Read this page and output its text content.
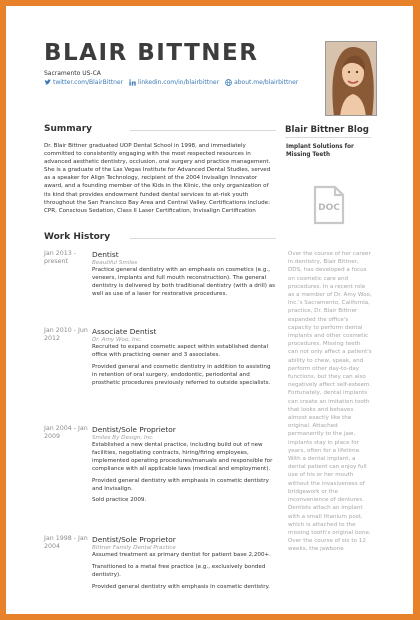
BLAIR BITTNER
Sacramento US-CA
twitter.com/BlairBittner	linkedin.com/in/blairbittner	about.me/blairbittner
Summary
Dr. Blair Bittner graduated UOP Dental School in 1998, and immediately committed to consistently engaging with the most respected resources in advanced aesthetic dentistry, occlusion, oral surgery and practice management. She is a graduate of the Las Vegas Institute for Advanced Dental Studies, served as a speaker for Align Technology, recipient of the 2004 Invisalign Innovator award, and a founding member of the Kids in the Klinic, the only organization of its kind that provides endowment funded dental services to at-risk youth throughout the San Francisco Bay Area and Central Valley. Certifications include: CPR, Conscious Sedation, Class II Laser Certification, Invisalign Certification
Work History
Jan 2013 - present
Dentist
Beautiful Smiles

Practice general dentistry with an emphasis on cosmetics (e.g., veneers, implants and full mouth reconstruction). The general dentistry is delivered by both traditional dentistry (with a drill) as well as use of a laser for restorative procedures.

Jan 2010 - Jun 2012
Associate Dentist
Dr. Amy Woo, Inc.

Recruited to expand cosmetic aspect within established dental office with practicing owner and 3 associates.

Provided general and cosmetic dentistry in addition to assisting in retention of oral surgery, endodontic, periodontal and prosthetic procedures previously referred to outside specialists.

Jan 2004 - Jan 2009
Dentist/Sole Proprietor
Smiles By Design, Inc.

Established a new dental practice, including build out of new facilities, negotiating contracts, hiring/firing employees, implemented operating procedures/manuals and responsible for compliance with all applicable laws (medical and employment).

Provided general dentistry with emphasis in cosmetic dentistry and Invisalign.

Sold practice 2009.

Jan 1998 - Jan 2004
Dentist/Sole Proprietor
Bittner Family Dental Practice

Assumed treatment as primary dentist for patient base 2,200+.

Transitioned to a metal free practice (e.g., exclusively bonded dentistry).

Provided general dentistry with emphasis in cosmetic dentistry.

Blair Bittner Blog
Implant Solutions for Missing Teeth
DOC
Over the course of her career in dentistry, Blair Bittner, DDS, has developed a focus on cosmetic care and procedures. In a recent role as a member of Dr. Amy Woo, Inc.'s Sacramento, California, practice, Dr. Blair Bittner expanded the office's capacity to perform dental implants and other cosmetic procedures. Missing teeth can not only affect a patient's ability to chew, speak, and perform other day-to-day functions, but they can also negatively affect self-esteem. Fortunately, dental implants can create an imitation tooth that looks and behaves almost exactly like the original. Attached permanently to the jaw, implants stay in place for years, often for a lifetime. With a dental implant, a dental patient can enjoy full use of his or her mouth without the invasiveness of bridgework or the inconvenience of dentures. Dentists attach an implant with a small titanium post, which is attached to the missing tooth's original bone. Over the course of six to 12 weeks, the jawbone
